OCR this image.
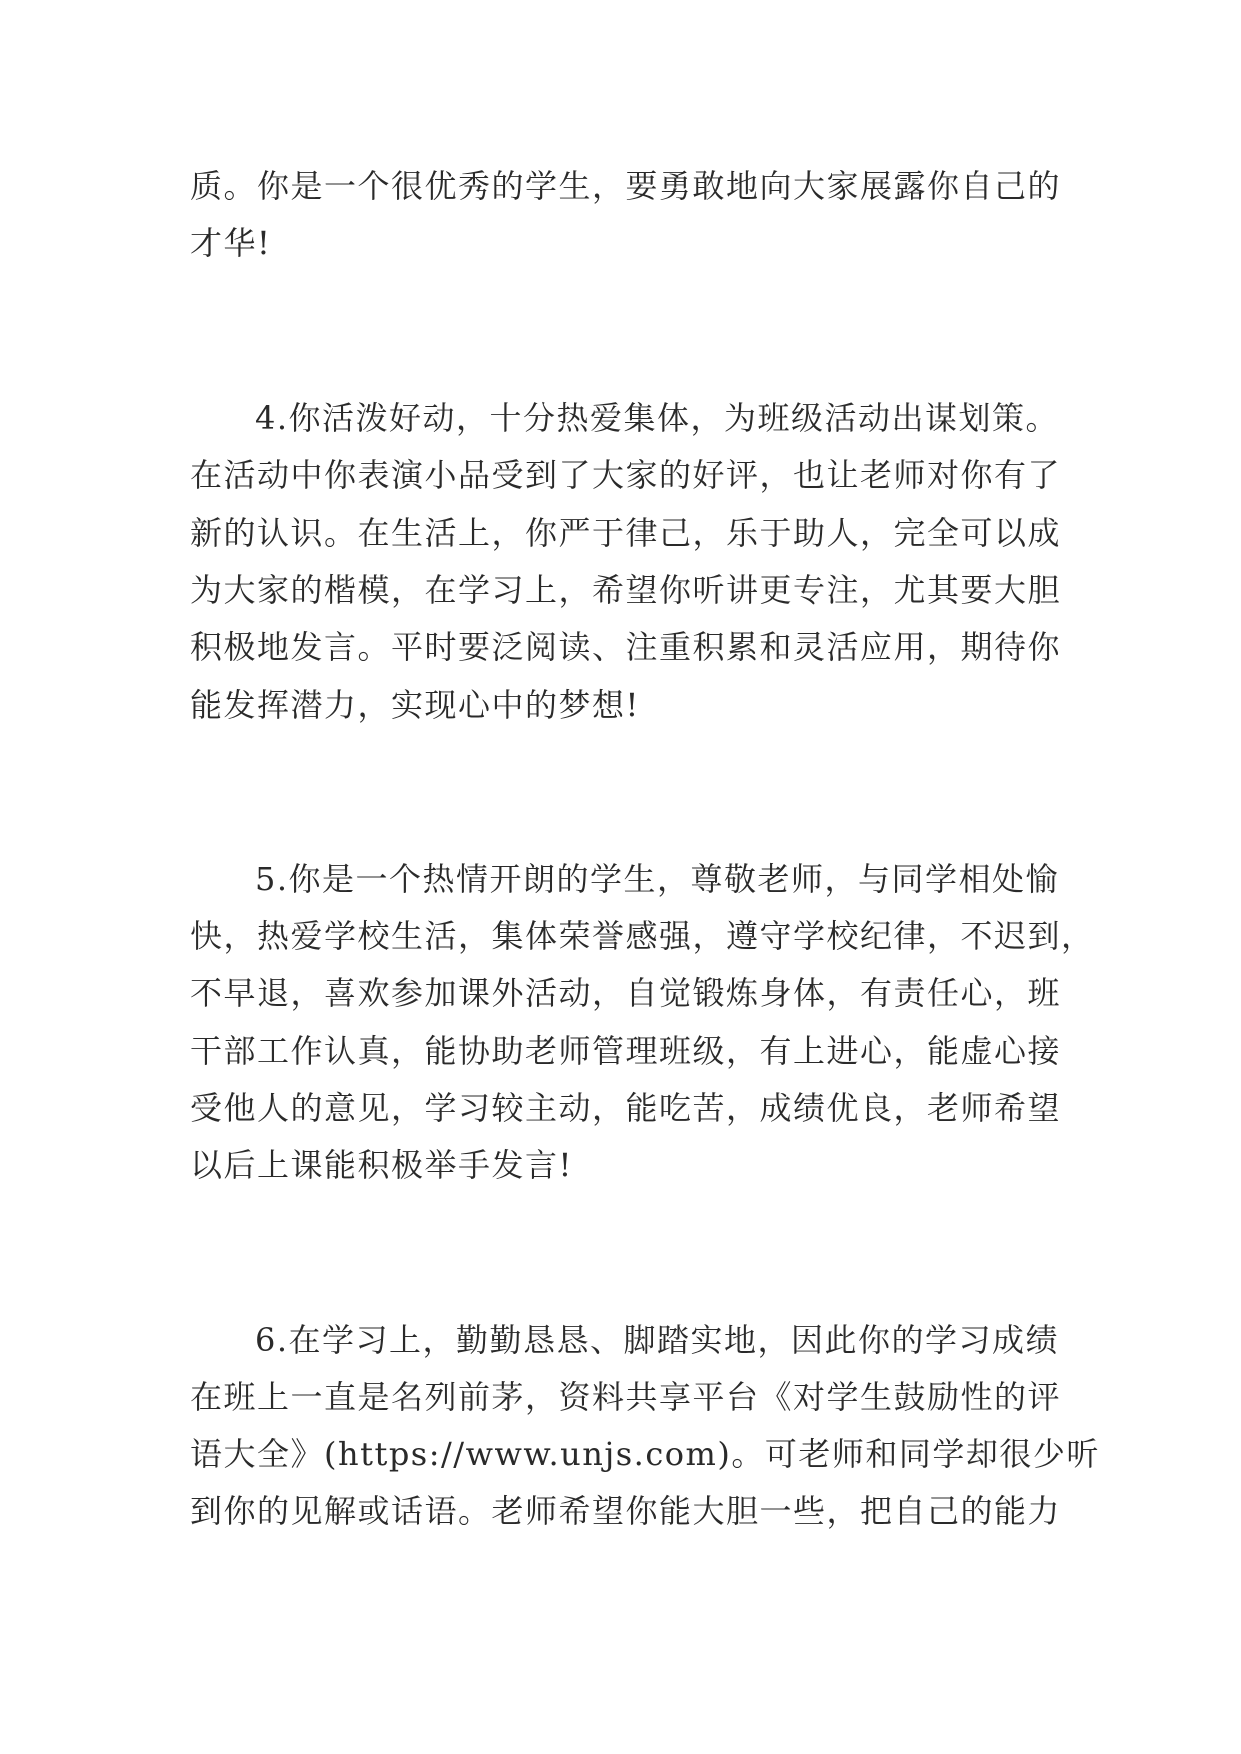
质。你是一个很优秀的学生，要勇敢地向大家展露你自己的
才华!
4.你活泼好动，十分热爱集体，为班级活动出谋划策。
在活动中你表演小品受到了大家的好评，也让老师对你有了
新的认识。在生活上，你严于律己，乐于助人，完全可以成
为大家的楷模，在学习上，希望你听讲更专注，尤其要大胆
积极地发言。平时要泛阅读、注重积累和灵活应用，期待你
能发挥潜力，实现心中的梦想!
5.你是一个热情开朗的学生，尊敬老师，与同学相处愉
快，热爱学校生活，集体荣誉感强，遵守学校纪律，不迟到，
不早退，喜欢参加课外活动，自觉锻炼身体，有责任心，班
干部工作认真，能协助老师管理班级，有上进心，能虚心接
受他人的意见，学习较主动，能吃苦，成绩优良，老师希望
以后上课能积极举手发言!
6.在学习上，勤勤恳恳、脚踏实地，因此你的学习成绩
在班上一直是名列前茅，资料共享平台《对学生鼓励性的评
语大全》(https://www.unjs.com)。可老师和同学却很少听
到你的见解或话语。老师希望你能大胆一些，把自己的能力
